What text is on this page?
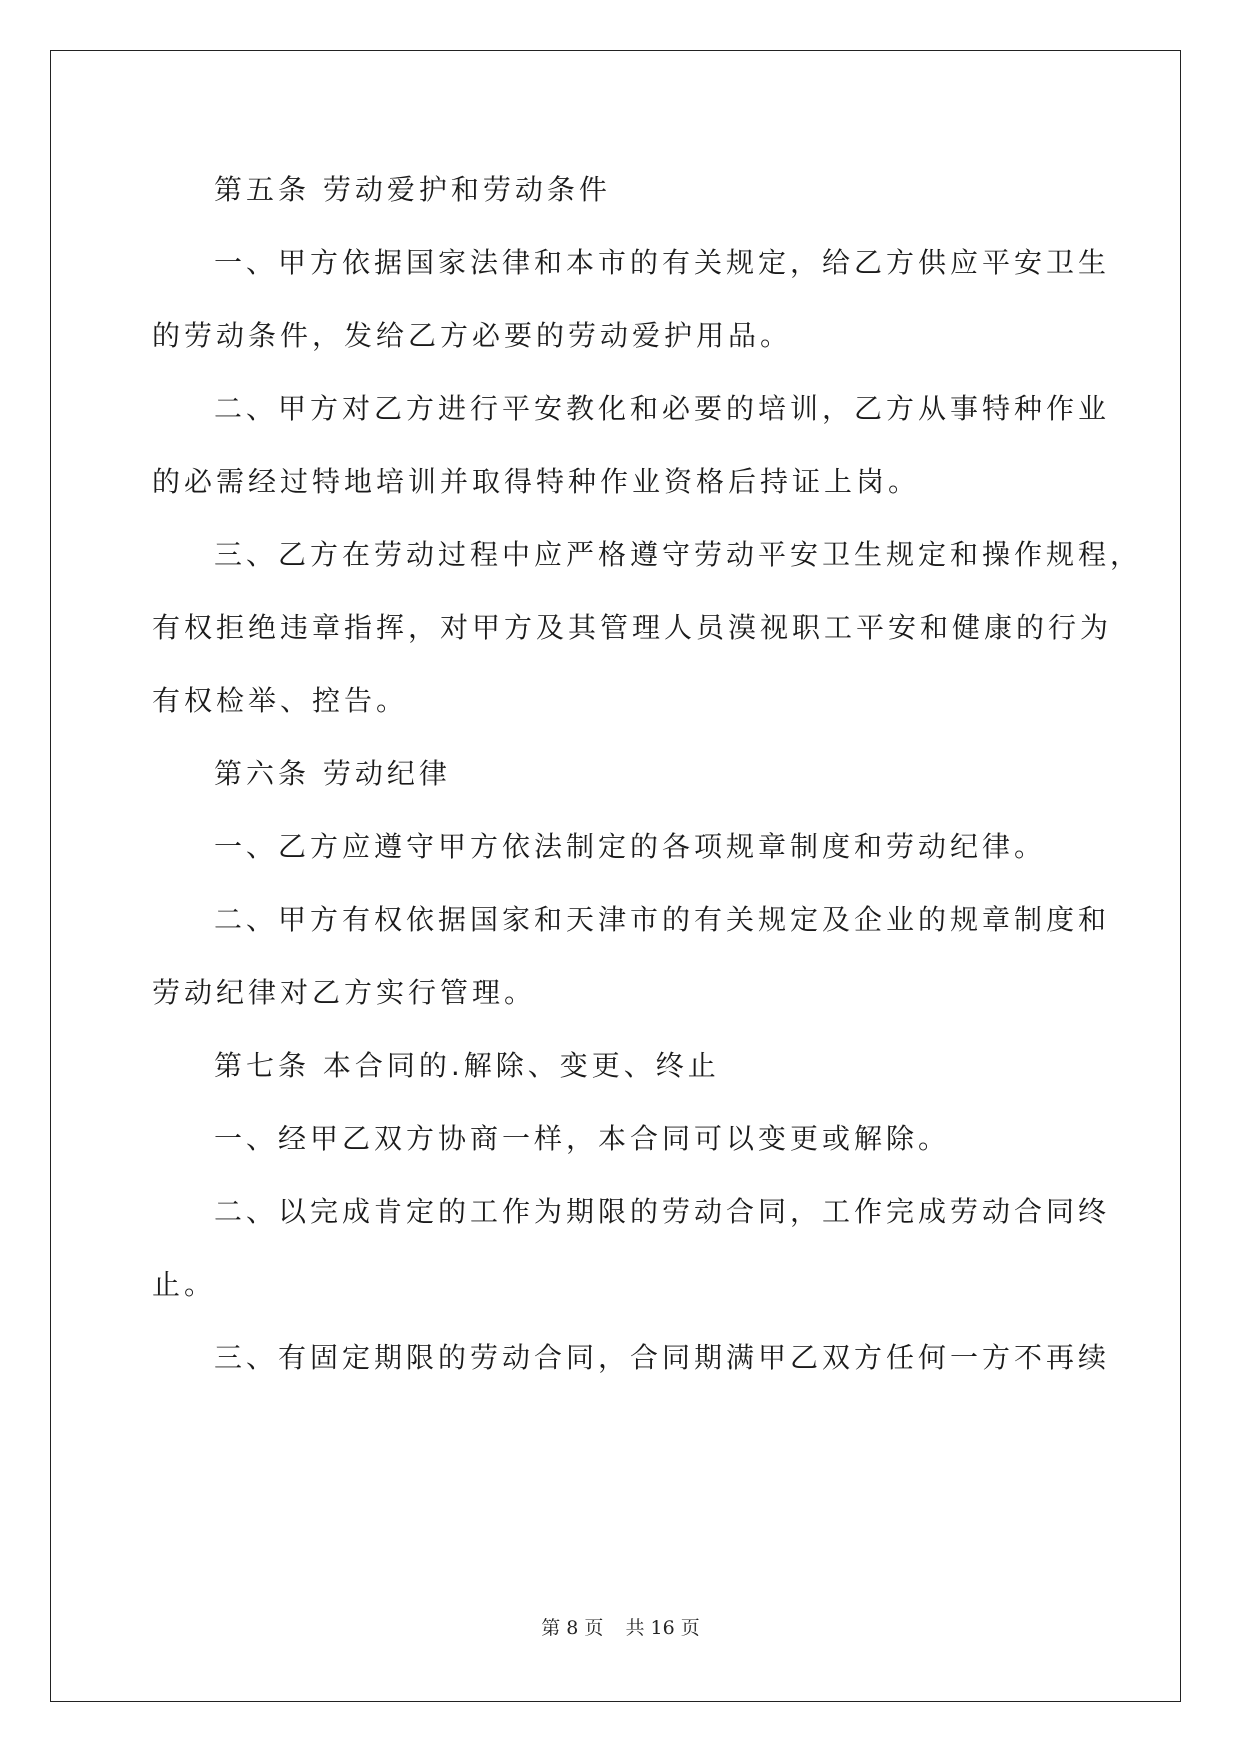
第五条 劳动爱护和劳动条件
一、甲方依据国家法律和本市的有关规定，给乙方供应平安卫生
的劳动条件，发给乙方必要的劳动爱护用品。
二、甲方对乙方进行平安教化和必要的培训，乙方从事特种作业
的必需经过特地培训并取得特种作业资格后持证上岗。
三、乙方在劳动过程中应严格遵守劳动平安卫生规定和操作规程，
有权拒绝违章指挥，对甲方及其管理人员漠视职工平安和健康的行为
有权检举、控告。
第六条 劳动纪律
一、乙方应遵守甲方依法制定的各项规章制度和劳动纪律。
二、甲方有权依据国家和天津市的有关规定及企业的规章制度和
劳动纪律对乙方实行管理。
第七条 本合同的.解除、变更、终止
一、经甲乙双方协商一样，本合同可以变更或解除。
二、以完成肯定的工作为期限的劳动合同，工作完成劳动合同终
止。
三、有固定期限的劳动合同，合同期满甲乙双方任何一方不再续
第 8 页 共 16 页
